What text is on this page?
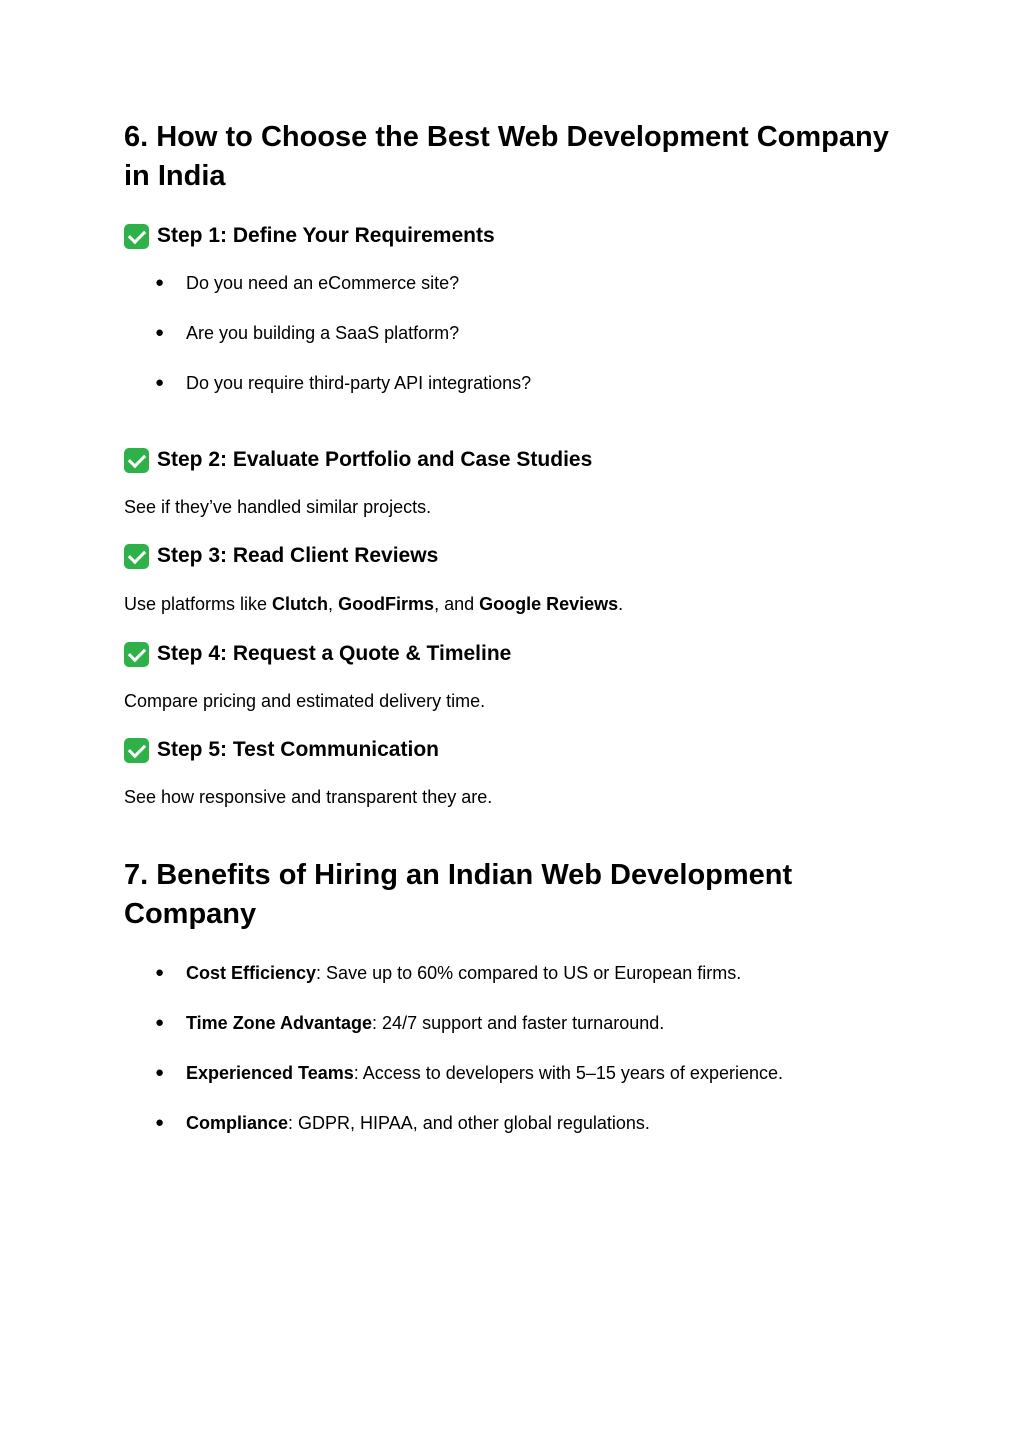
6. How to Choose the Best Web Development Company
in India
Step 1: Define Your Requirements
● Do you need an eCommerce site?
● Are you building a SaaS platform?
● Do you require third-party API integrations?
Step 2: Evaluate Portfolio and Case Studies

See if they’ve handled similar projects.

Step 3: Read Client Reviews

Use platforms like Clutch, GoodFirms, and Google Reviews.

Step 4: Request a Quote & Timeline

Compare pricing and estimated delivery time.

Step 5: Test Communication

See how responsive and transparent they are.

7. Benefits of Hiring an Indian Web Development
Company
● Cost Efficiency: Save up to 60% compared to US or European firms.
● Time Zone Advantage: 24/7 support and faster turnaround.
● Experienced Teams: Access to developers with 5–15 years of experience.
● Compliance: GDPR, HIPAA, and other global regulations.
